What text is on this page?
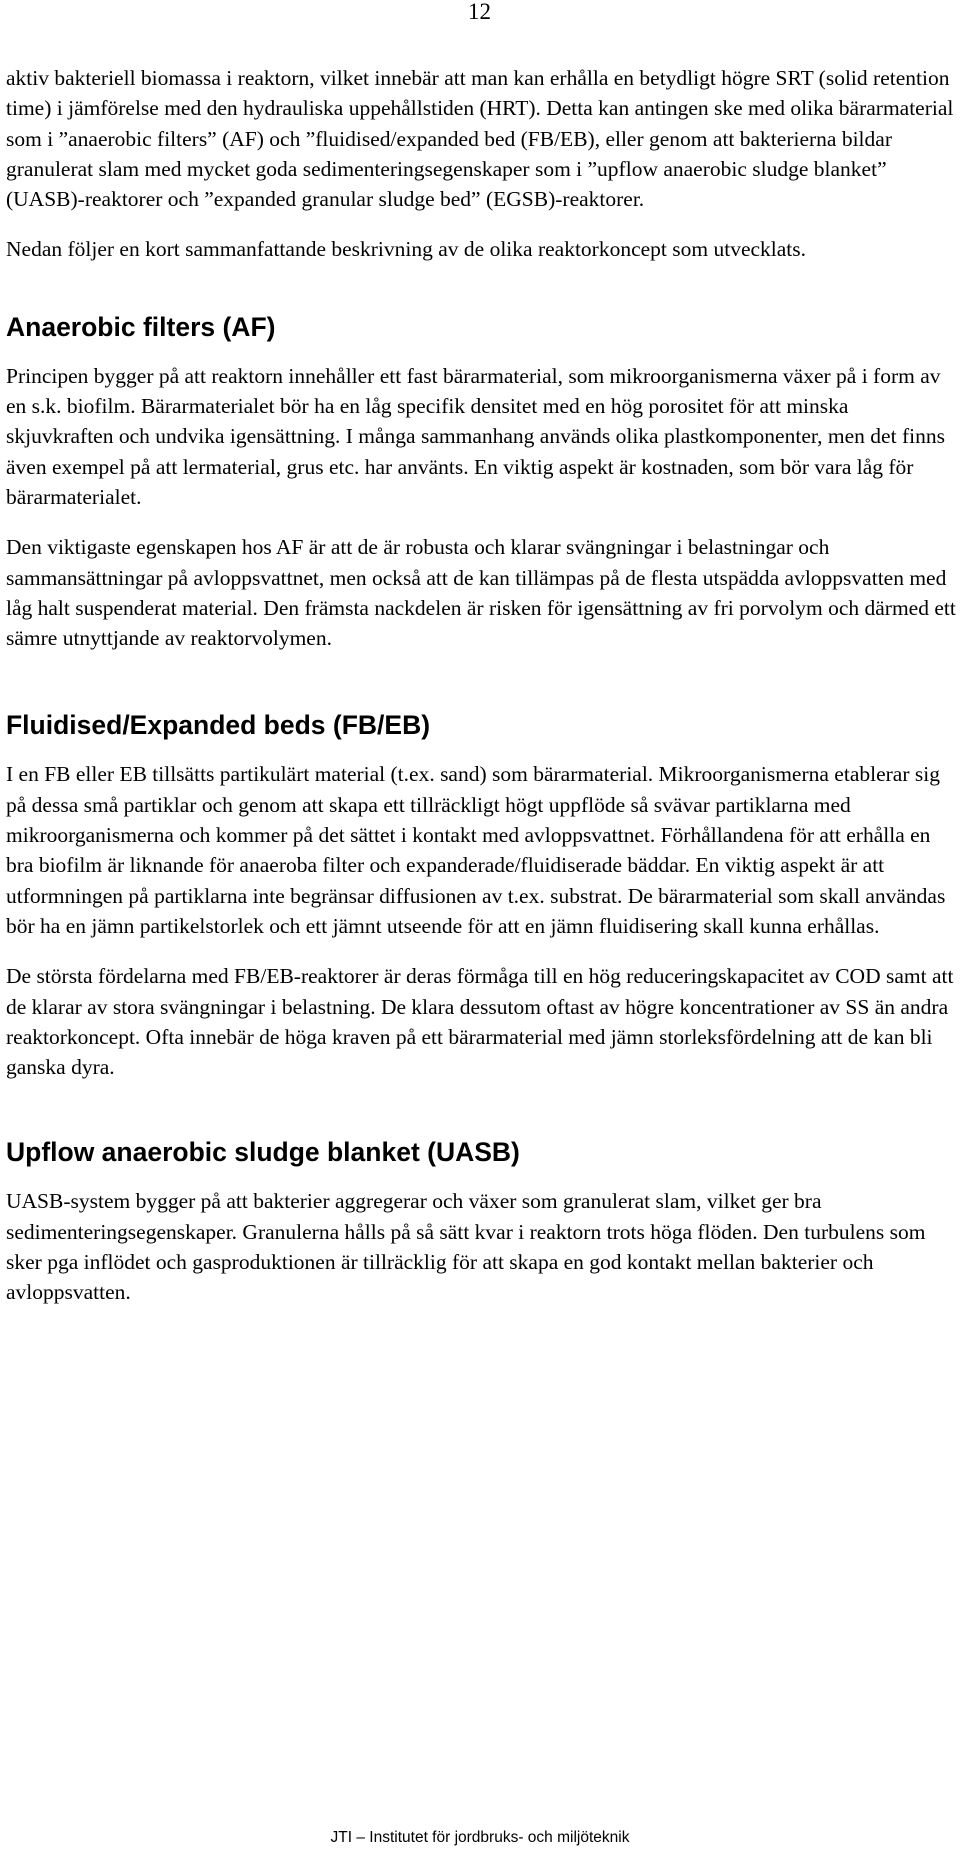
12

aktiv bakteriell biomassa i reaktorn, vilket innebär att man kan erhålla en betydligt högre SRT (solid retention time) i jämförelse med den hydrauliska uppehållstiden (HRT). Detta kan antingen ske med olika bärarmaterial som i ”anaerobic filters” (AF) och ”fluidised/expanded bed (FB/EB), eller genom att bakterierna bildar granulerat slam med mycket goda sedimenteringsegenskaper som i ”upflow anaerobic sludge blanket” (UASB)-reaktorer och ”expanded granular sludge bed” (EGSB)-reaktorer.

Nedan följer en kort sammanfattande beskrivning av de olika reaktorkoncept som utvecklats.

Anaerobic filters (AF)

Principen bygger på att reaktorn innehåller ett fast bärarmaterial, som mikroorganismerna växer på i form av en s.k. biofilm. Bärarmaterialet bör ha en låg specifik densitet med en hög porositet för att minska skjuvkraften och undvika igensättning. I många sammanhang används olika plastkomponenter, men det finns även exempel på att lermaterial, grus etc. har använts. En viktig aspekt är kostnaden, som bör vara låg för bärarmaterialet.

Den viktigaste egenskapen hos AF är att de är robusta och klarar svängningar i belastningar och sammansättningar på avloppsvattnet, men också att de kan tillämpas på de flesta utspädda avloppsvatten med låg halt suspenderat material. Den främsta nackdelen är risken för igensättning av fri porvolym och därmed ett sämre utnyttjande av reaktorvolymen.

Fluidised/Expanded beds (FB/EB)

I en FB eller EB tillsätts partikulärt material (t.ex. sand) som bärarmaterial. Mikroorganismerna etablerar sig på dessa små partiklar och genom att skapa ett tillräckligt högt uppflöde så svävar partiklarna med mikroorganismerna och kommer på det sättet i kontakt med avloppsvattnet. Förhållandena för att erhålla en bra biofilm är liknande för anaeroba filter och expanderade/fluidiserade bäddar. En viktig aspekt är att utformningen på partiklarna inte begränsar diffusionen av t.ex. substrat. De bärarmaterial som skall användas bör ha en jämn partikelstorlek och ett jämnt utseende för att en jämn fluidisering skall kunna erhållas.

De största fördelarna med FB/EB-reaktorer är deras förmåga till en hög reduceringskapacitet av COD samt att de klarar av stora svängningar i belastning. De klara dessutom oftast av högre koncentrationer av SS än andra reaktorkoncept. Ofta innebär de höga kraven på ett bärarmaterial med jämn storleksfördelning att de kan bli ganska dyra.

Upflow anaerobic sludge blanket (UASB)

UASB-system bygger på att bakterier aggregerar och växer som granulerat slam, vilket ger bra sedimenteringsegenskaper. Granulerna hålls på så sätt kvar i reaktorn trots höga flöden. Den turbulens som sker pga inflödet och gasproduktionen är tillräcklig för att skapa en god kontakt mellan bakterier och avloppsvatten.

JTI – Institutet för jordbruks- och miljöteknik
